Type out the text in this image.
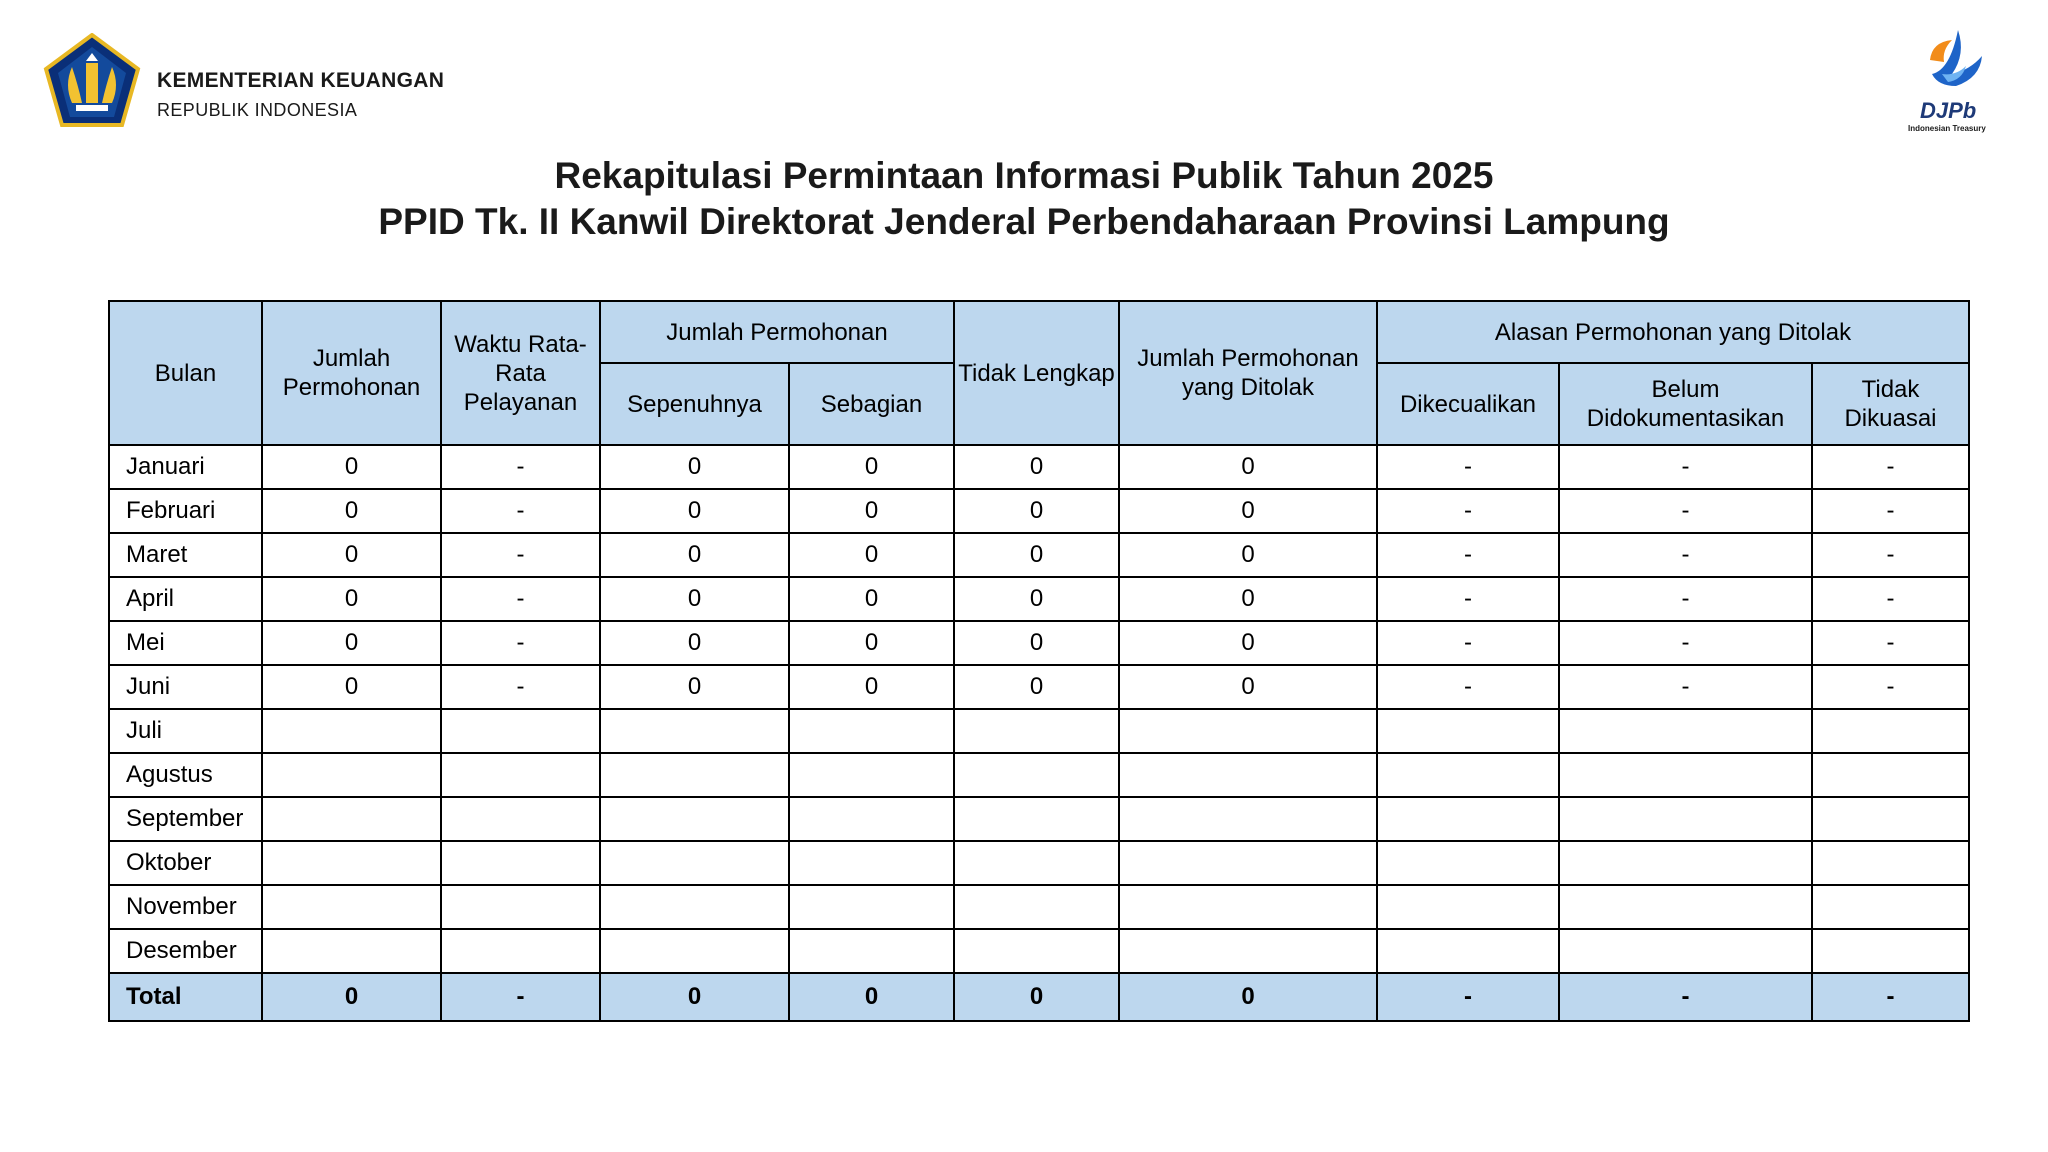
KEMENTERIAN KEUANGAN
REPUBLIK INDONESIA	DJPb
Indonesian Treasury
Rekapitulasi Permintaan Informasi Publik Tahun 2025
PPID Tk. II Kanwil Direktorat Jenderal Perbendaharaan Provinsi Lampung
Bulan	Jumlah Permohonan	Waktu Rata-Rata Pelayanan	Jumlah Permohonan		Tidak Lengkap	Jumlah Permohonan yang Ditolak	Alasan Permohonan yang Ditolak		
			Sepenuhnya	Sebagian			Dikecualikan	Belum Didokumentasikan	Tidak Dikuasai
Januari	0	-	0	0	0	0	-	-	-
Februari	0	-	0	0	0	0	-	-	-
Maret	0	-	0	0	0	0	-	-	-
April	0	-	0	0	0	0	-	-	-
Mei	0	-	0	0	0	0	-	-	-
Juni	0	-	0	0	0	0	-	-	-
Juli									
Agustus									
September									
Oktober									
November									
Desember									
Total	0	-	0	0	0	0	-	-	-
